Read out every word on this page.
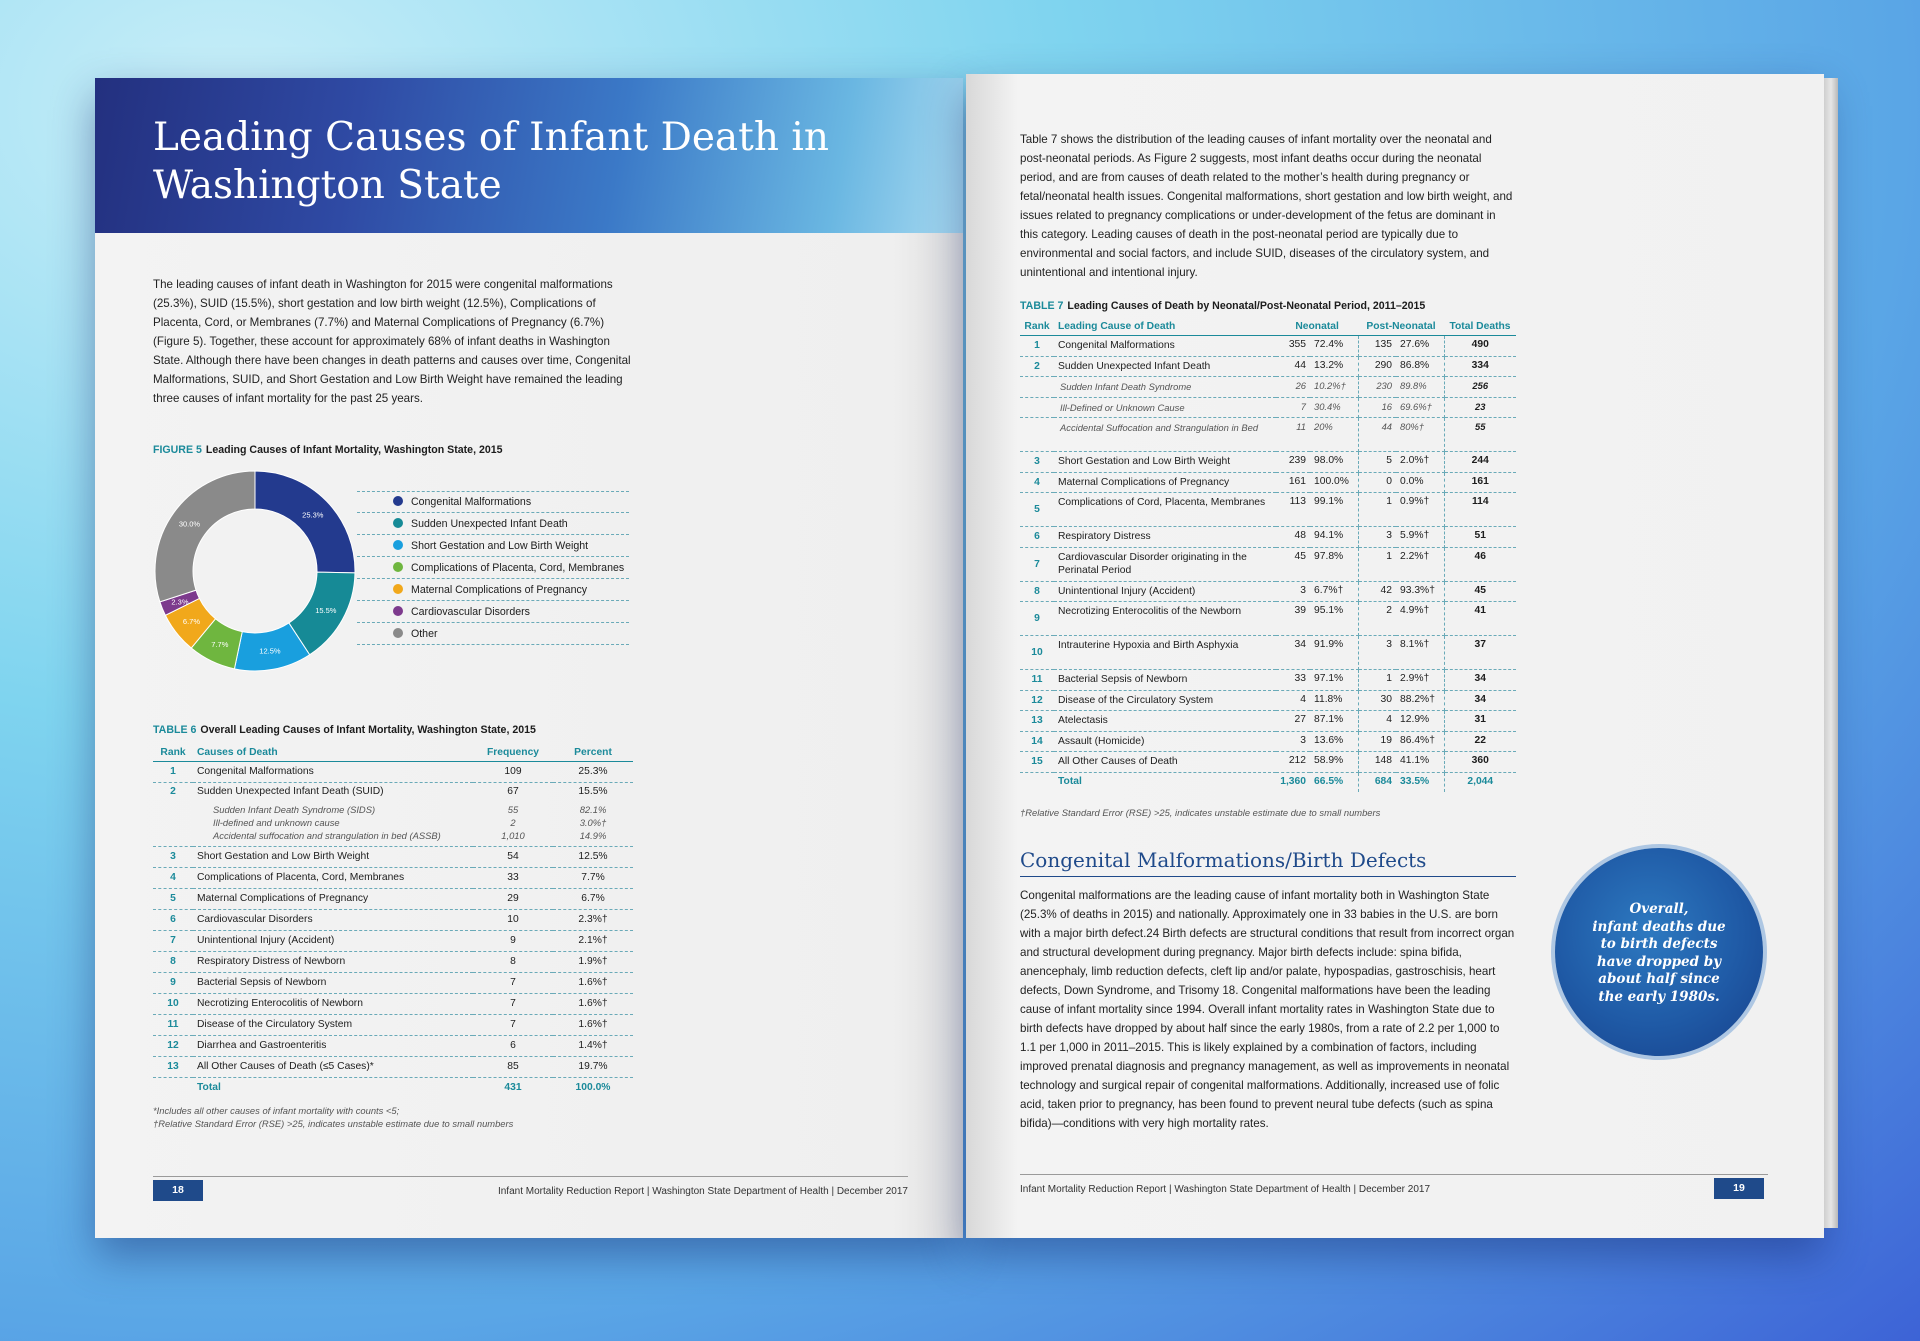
Leading Causes of Infant Death in Washington State

The leading causes of infant death in Washington for 2015 were congenital malformations (25.3%), SUID (15.5%), short gestation and low birth weight (12.5%), Complications of Placenta, Cord, or Membranes (7.7%) and Maternal Complications of Pregnancy (6.7%) (Figure 5). Together, these account for approximately 68% of infant deaths in Washington State. Although there have been changes in death patterns and causes over time, Congenital Malformations, SUID, and Short Gestation and Low Birth Weight have remained the leading three causes of infant mortality for the past 25 years.

FIGURE 5 Leading Causes of Infant Mortality, Washington State, 2015
25.3%
15.5%
12.5%
7.7%
6.7%
2.3%
30.0%
Congenital Malformations
Sudden Unexpected Infant Death
Short Gestation and Low Birth Weight
Complications of Placenta, Cord, Membranes
Maternal Complications of Pregnancy
Cardiovascular Disorders
Other
TABLE 6 Overall Leading Causes of Infant Mortality, Washington State, 2015
Rank	Causes of Death	Frequency	Percent
1	Congenital Malformations	109	25.3%
2	Sudden Unexpected Infant Death (SUID)	67	15.5%
	Sudden Infant Death Syndrome (SIDS)	55	82.1%
	Ill-defined and unknown cause	2	3.0%†
	Accidental suffocation and strangulation in bed (ASSB)	1,010	14.9%
3	Short Gestation and Low Birth Weight	54	12.5%
4	Complications of Placenta, Cord, Membranes	33	7.7%
5	Maternal Complications of Pregnancy	29	6.7%
6	Cardiovascular Disorders	10	2.3%†
7	Unintentional Injury (Accident)	9	2.1%†
8	Respiratory Distress of Newborn	8	1.9%†
9	Bacterial Sepsis of Newborn	7	1.6%†
10	Necrotizing Enterocolitis of Newborn	7	1.6%†
11	Disease of the Circulatory System	7	1.6%†
12	Diarrhea and Gastroenteritis	6	1.4%†
13	All Other Causes of Death (≤5 Cases)*	85	19.7%
	Total	431	100.0%
*Includes all other causes of infant mortality with counts <5;
†Relative Standard Error (RSE) >25, indicates unstable estimate due to small numbers
18	Infant Mortality Reduction Report | Washington State Department of Health | December 2017

Table 7 shows the distribution of the leading causes of infant mortality over the neonatal and post-neonatal periods. As Figure 2 suggests, most infant deaths occur during the neonatal period, and are from causes of death related to the mother’s health during pregnancy or fetal/neonatal health issues. Congenital malformations, short gestation and low birth weight, and issues related to pregnancy complications or under-development of the fetus are dominant in this category. Leading causes of death in the post-neonatal period are typically due to environmental and social factors, and include SUID, diseases of the circulatory system, and unintentional and intentional injury.

TABLE 7 Leading Causes of Death by Neonatal/Post-Neonatal Period, 2011–2015
Rank	Leading Cause of Death	Neonatal		Post-Neonatal		Total Deaths
1	Congenital Malformations	355	72.4%	135	27.6%	490
2	Sudden Unexpected Infant Death	44	13.2%	290	86.8%	334
	Sudden Infant Death Syndrome	26	10.2%†	230	89.8%	256
	Ill-Defined or Unknown Cause	7	30.4%	16	69.6%†	23
	Accidental Suffocation and Strangulation in Bed	11	20%	44	80%†	55
3	Short Gestation and Low Birth Weight	239	98.0%	5	2.0%†	244
4	Maternal Complications of Pregnancy	161	100.0%	0	0.0%	161
5	Complications of Cord, Placenta, Membranes	113	99.1%	1	0.9%†	114
6	Respiratory Distress	48	94.1%	3	5.9%†	51
7	Cardiovascular Disorder originating in the Perinatal Period	45	97.8%	1	2.2%†	46
8	Unintentional Injury (Accident)	3	6.7%†	42	93.3%†	45
9	Necrotizing Enterocolitis of the Newborn	39	95.1%	2	4.9%†	41
10	Intrauterine Hypoxia and Birth Asphyxia	34	91.9%	3	8.1%†	37
11	Bacterial Sepsis of Newborn	33	97.1%	1	2.9%†	34
12	Disease of the Circulatory System	4	11.8%	30	88.2%†	34
13	Atelectasis	27	87.1%	4	12.9%	31
14	Assault (Homicide)	3	13.6%	19	86.4%†	22
15	All Other Causes of Death	212	58.9%	148	41.1%	360
	Total	1,360	66.5%	684	33.5%	2,044
†Relative Standard Error (RSE) >25, indicates unstable estimate due to small numbers
Congenital Malformations/Birth Defects

Congenital malformations are the leading cause of infant mortality both in Washington State (25.3% of deaths in 2015) and nationally. Approximately one in 33 babies in the U.S. are born with a major birth defect.24 Birth defects are structural conditions that result from incorrect organ and structural development during pregnancy. Major birth defects include: spina bifida, anencephaly, limb reduction defects, cleft lip and/or palate, hypospadias, gastroschisis, heart defects, Down Syndrome, and Trisomy 18. Congenital malformations have been the leading cause of infant mortality since 1994. Overall infant mortality rates in Washington State due to birth defects have dropped by about half since the early 1980s, from a rate of 2.2 per 1,000 to 1.1 per 1,000 in 2011–2015. This is likely explained by a combination of factors, including improved prenatal diagnosis and pregnancy management, as well as improvements in neonatal technology and surgical repair of congenital malformations. Additionally, increased use of folic acid, taken prior to pregnancy, has been found to prevent neural tube defects (such as spina bifida)—conditions with very high mortality rates.

Infant Mortality Reduction Report | Washington State Department of Health | December 2017	19
Overall,
infant deaths due
to birth defects
have dropped by
about half since
the early 1980s.
